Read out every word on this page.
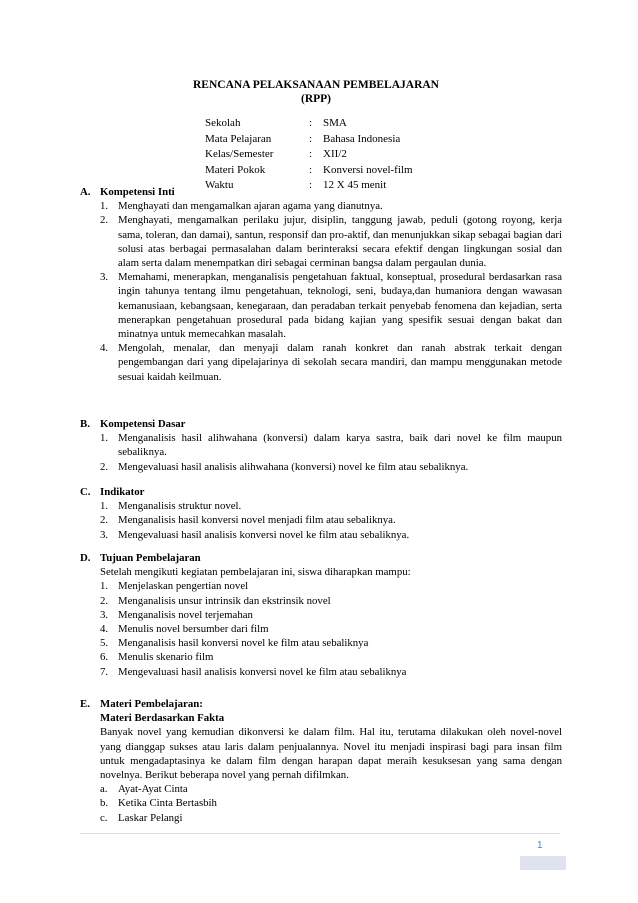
RENCANA PELAKSANAAN PEMBELAJARAN
(RPP)
Sekolah	: SMA
Mata Pelajaran	: Bahasa Indonesia
Kelas/Semester	: XII/2
Materi Pokok	: Konversi novel-film
Waktu	: 12 X 45 menit
A. Kompetensi Inti
1. Menghayati dan mengamalkan ajaran agama yang dianutnya.
2. Menghayati, mengamalkan perilaku jujur, disiplin, tanggung jawab, peduli (gotong royong, kerja sama, toleran, dan damai), santun, responsif dan pro-aktif, dan menunjukkan sikap sebagai bagian dari solusi atas berbagai permasalahan dalam berinteraksi secara efektif dengan lingkungan sosial dan alam serta dalam menempatkan diri sebagai cerminan bangsa dalam pergaulan dunia.
3. Memahami, menerapkan, menganalisis pengetahuan faktual, konseptual, prosedural berdasarkan rasa ingin tahunya tentang ilmu pengetahuan, teknologi, seni, budaya,dan humaniora dengan wawasan kemanusiaan, kebangsaan, kenegaraan, dan peradaban terkait penyebab fenomena dan kejadian, serta menerapkan pengetahuan prosedural pada bidang kajian yang spesifik sesuai dengan bakat dan minatnya untuk memecahkan masalah.
4. Mengolah, menalar, dan menyaji dalam ranah konkret dan ranah abstrak terkait dengan pengembangan dari yang dipelajarinya di sekolah secara mandiri, dan mampu menggunakan metode sesuai kaidah keilmuan.
B. Kompetensi Dasar
1. Menganalisis hasil alihwahana (konversi) dalam karya sastra, baik dari novel ke film maupun sebaliknya.
2. Mengevaluasi hasil analisis alihwahana (konversi) novel ke film atau sebaliknya.
C. Indikator
1. Menganalisis struktur novel.
2. Menganalisis hasil konversi novel menjadi film atau sebaliknya.
3. Mengevaluasi hasil analisis konversi novel ke film atau sebaliknya.
D. Tujuan Pembelajaran
Setelah mengikuti kegiatan pembelajaran ini, siswa diharapkan mampu:
1. Menjelaskan pengertian novel
2. Menganalisis unsur intrinsik dan ekstrinsik novel
3. Menganalisis novel terjemahan
4. Menulis novel bersumber dari film
5. Menganalisis hasil konversi novel ke film atau sebaliknya
6. Menulis skenario film
7. Mengevaluasi hasil analisis konversi novel ke film atau sebaliknya
E. Materi Pembelajaran:
Materi Berdasarkan Fakta
Banyak novel yang kemudian dikonversi ke dalam film. Hal itu, terutama dilakukan oleh novel-novel yang dianggap sukses atau laris dalam penjualannya. Novel itu menjadi inspirasi bagi para insan film untuk mengadaptasinya ke dalam film dengan harapan dapat meraih kesuksesan yang sama dengan novelnya. Berikut beberapa novel yang pernah difilmkan.
a. Ayat-Ayat Cinta
b. Ketika Cinta Bertasbih
c. Laskar Pelangi
1
